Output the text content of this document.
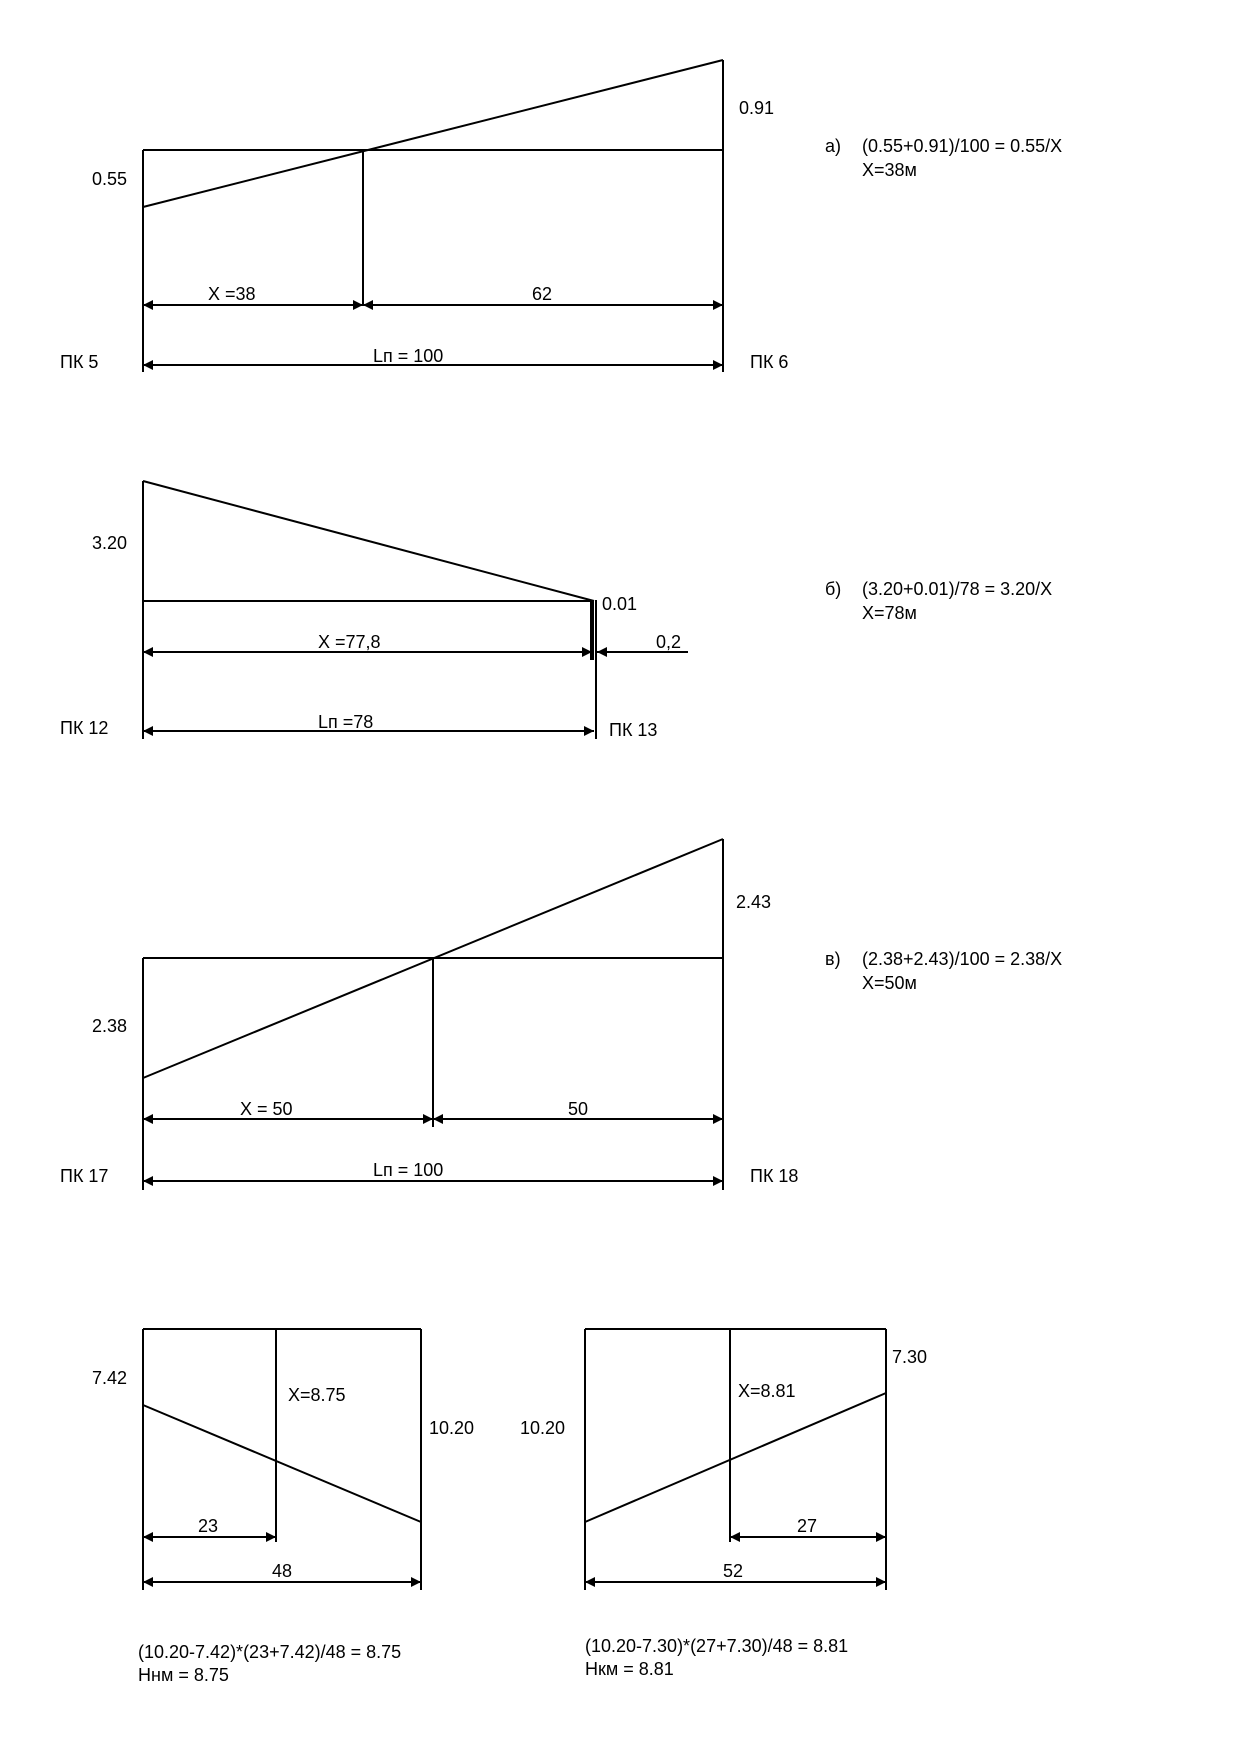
0.55
0.91
X =38	62
Lп = 100
ПК 5	ПК 6
а) (0.55+0.91)/100 = 0.55/X
X=38м
3.20
0.01
X =77,8	0,2
Lп =78
ПК 12	ПК 13
б) (3.20+0.01)/78 = 3.20/X
X=78м
2.38
2.43
X = 50	50
Lп = 100
ПК 17	ПК 18
в) (2.38+2.43)/100 = 2.38/X
X=50м
7.42
10.20
X=8.75
23
48
(10.20-7.42)*(23+7.42)/48 = 8.75
Hнм = 8.75
10.20
7.30
X=8.81
27
52
(10.20-7.30)*(27+7.30)/48 = 8.81
Hкм = 8.81
